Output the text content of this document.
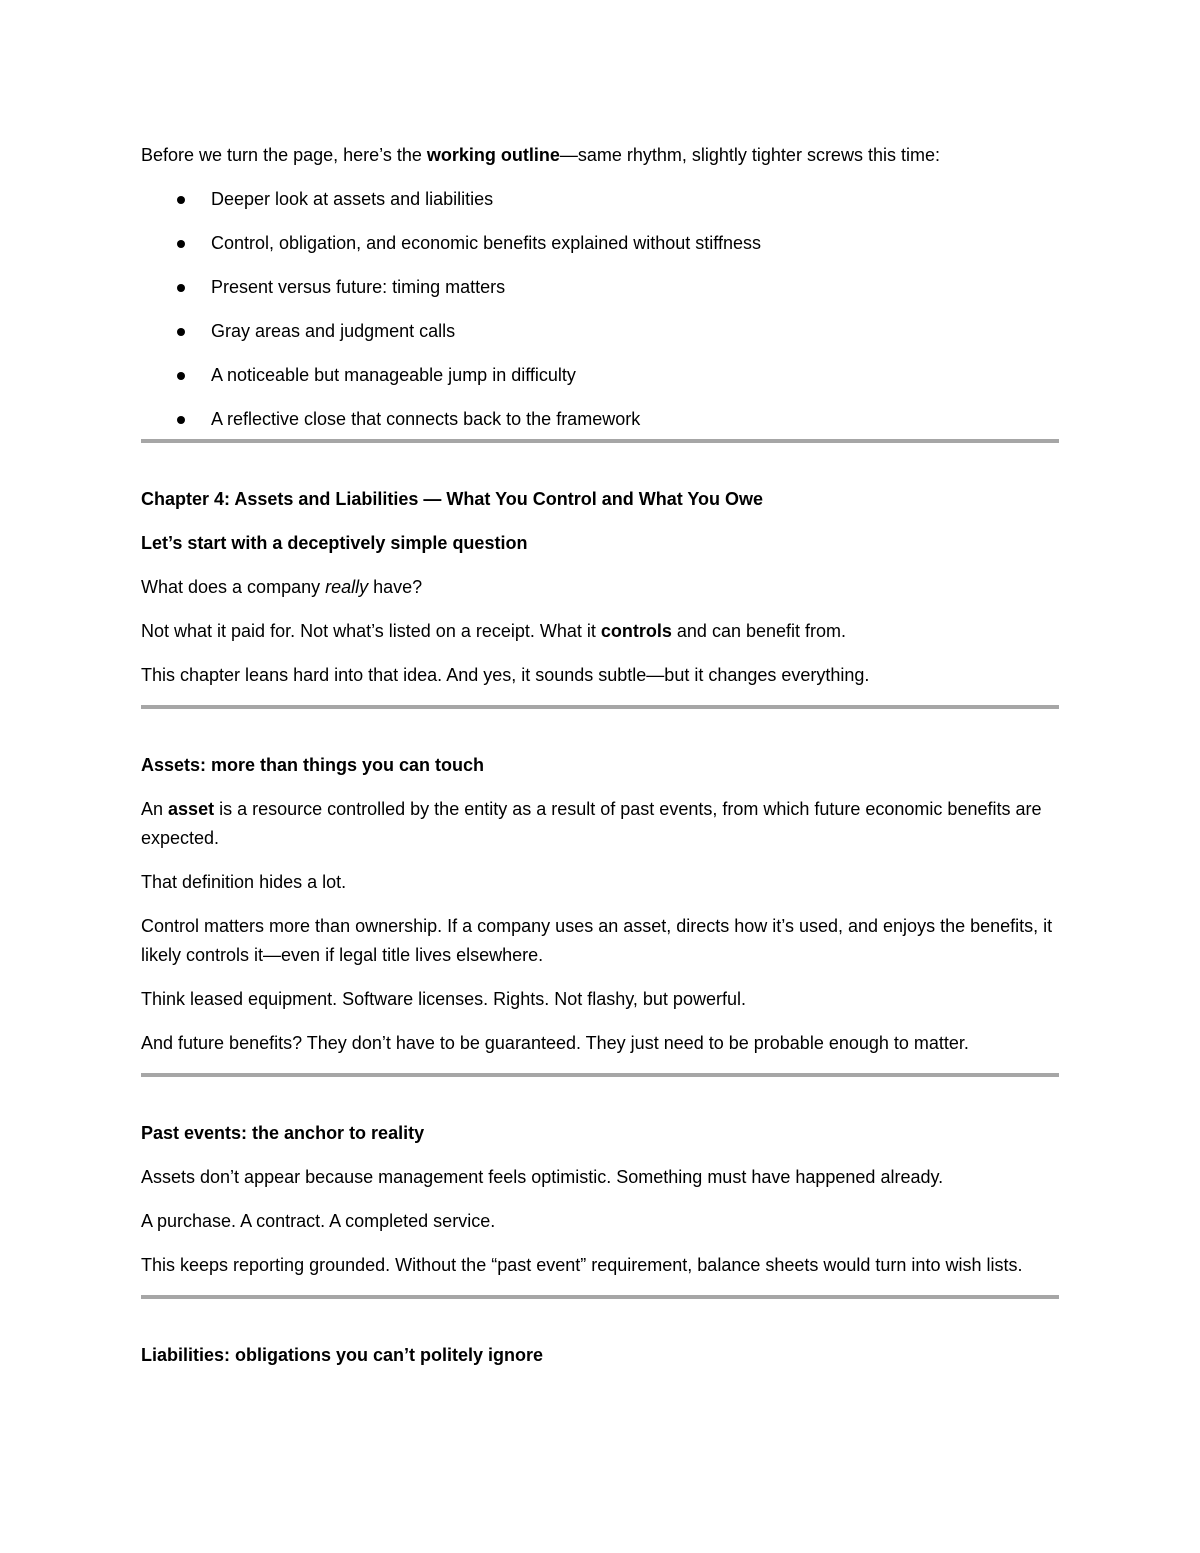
Before we turn the page, here’s the working outline—same rhythm, slightly tighter screws this time:

Deeper look at assets and liabilities
Control, obligation, and economic benefits explained without stiffness
Present versus future: timing matters
Gray areas and judgment calls
A noticeable but manageable jump in difficulty
A reflective close that connects back to the framework
Chapter 4: Assets and Liabilities — What You Control and What You Owe
Let’s start with a deceptively simple question

What does a company really have?

Not what it paid for. Not what’s listed on a receipt. What it controls and can benefit from.

This chapter leans hard into that idea. And yes, it sounds subtle—but it changes everything.

Assets: more than things you can touch

An asset is a resource controlled by the entity as a result of past events, from which future economic benefits are expected.

That definition hides a lot.

Control matters more than ownership. If a company uses an asset, directs how it’s used, and enjoys the benefits, it likely controls it—even if legal title lives elsewhere.

Think leased equipment. Software licenses. Rights. Not flashy, but powerful.

And future benefits? They don’t have to be guaranteed. They just need to be probable enough to matter.

Past events: the anchor to reality

Assets don’t appear because management feels optimistic. Something must have happened already.

A purchase. A contract. A completed service.

This keeps reporting grounded. Without the “past event” requirement, balance sheets would turn into wish lists.

Liabilities: obligations you can’t politely ignore
